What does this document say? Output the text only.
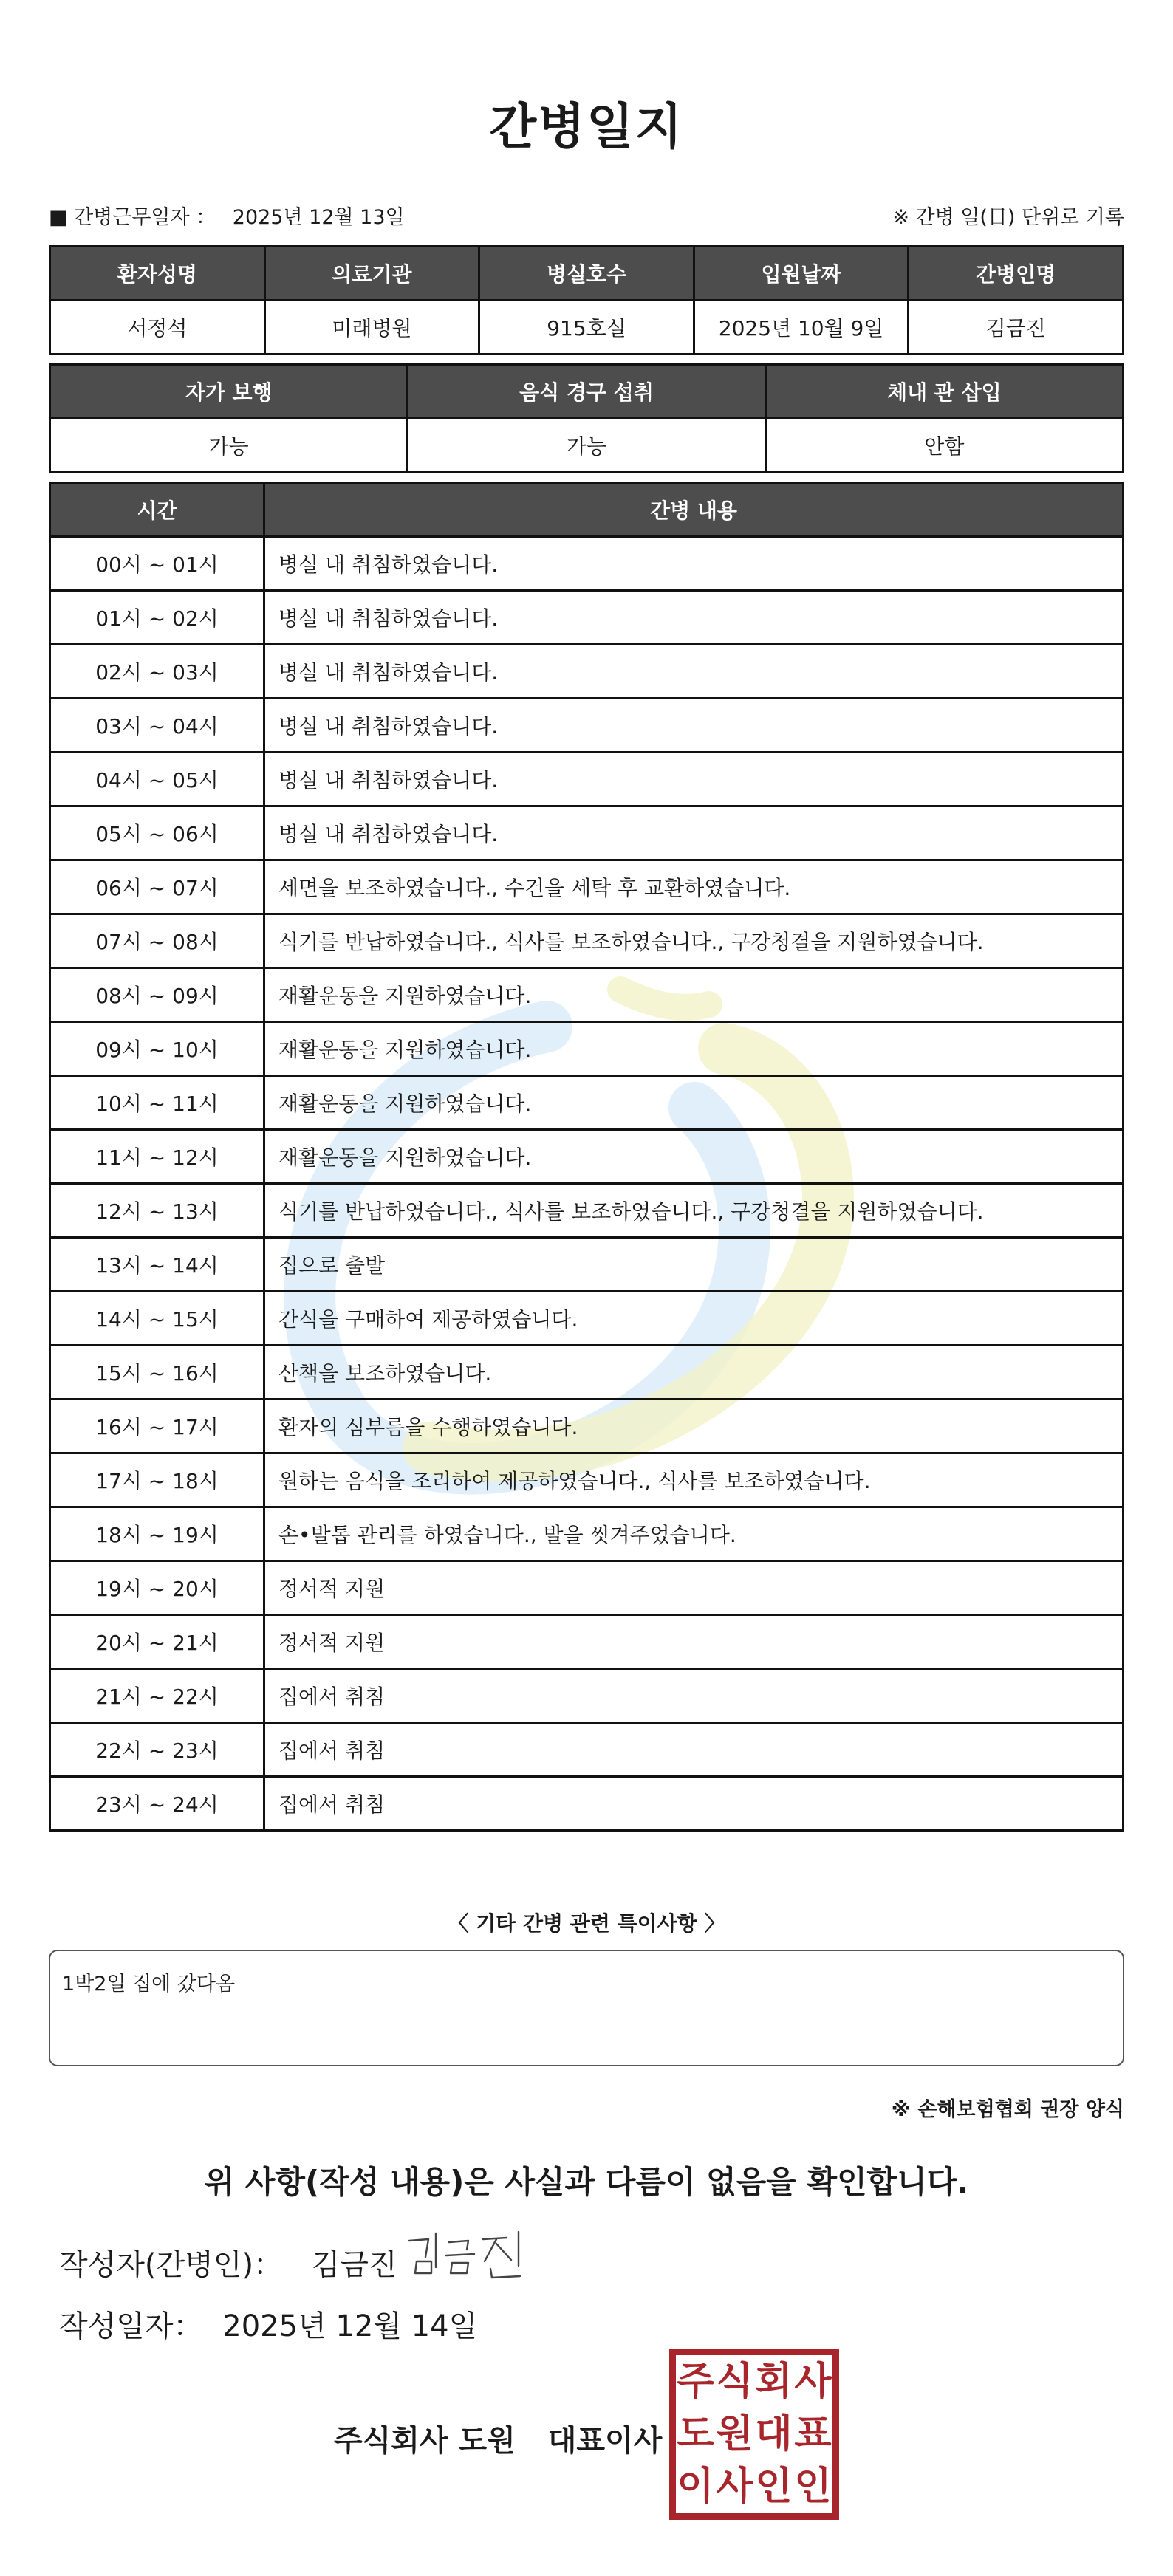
간병일지
■ 간병근무일자 ： 2025년 12월 13일	※ 간병 일(日) 단위로 기록
환자성명	의료기관	병실호수	입원날짜	간병인명
서정석	미래병원	915호실	2025년 10월 9일	김금진
자가 보행	음식 경구 섭취	체내 관 삽입
가능	가능	안함
시간	간병 내용
00시 ~ 01시	병실 내 취침하였습니다.
01시 ~ 02시	병실 내 취침하였습니다.
02시 ~ 03시	병실 내 취침하였습니다.
03시 ~ 04시	병실 내 취침하였습니다.
04시 ~ 05시	병실 내 취침하였습니다.
05시 ~ 06시	병실 내 취침하였습니다.
06시 ~ 07시	세면을 보조하였습니다., 수건을 세탁 후 교환하였습니다.
07시 ~ 08시	식기를 반납하였습니다., 식사를 보조하였습니다., 구강청결을 지원하였습니다.
08시 ~ 09시	재활운동을 지원하였습니다.
09시 ~ 10시	재활운동을 지원하였습니다.
10시 ~ 11시	재활운동을 지원하였습니다.
11시 ~ 12시	재활운동을 지원하였습니다.
12시 ~ 13시	식기를 반납하였습니다., 식사를 보조하였습니다., 구강청결을 지원하였습니다.
13시 ~ 14시	집으로 출발
14시 ~ 15시	간식을 구매하여 제공하였습니다.
15시 ~ 16시	산책을 보조하였습니다.
16시 ~ 17시	환자의 심부름을 수행하였습니다.
17시 ~ 18시	원하는 음식을 조리하여 제공하였습니다., 식사를 보조하였습니다.
18시 ~ 19시	손•발톱 관리를 하였습니다., 발을 씻겨주었습니다.
19시 ~ 20시	정서적 지원
20시 ~ 21시	정서적 지원
21시 ~ 22시	집에서 취침
22시 ~ 23시	집에서 취침
23시 ~ 24시	집에서 취침
〈 기타 간병 관련 특이사항 〉
1박2일 집에 갔다옴
※ 손해보험협회 권장 양식
위 사항(작성 내용)은 사실과 다름이 없음을 확인합니다.
작성자(간병인)： 김금진
작성일자： 2025년 12월 14일
주식회사 도원 대표이사
주 식 회 사
도 원 대 표
이 사 인 인
